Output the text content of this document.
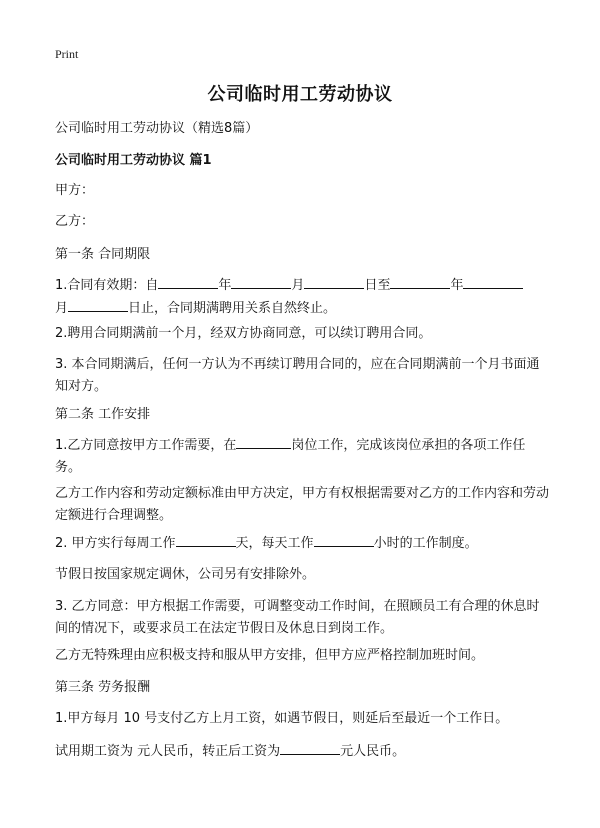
Print
公司临时用工劳动协议
公司临时用工劳动协议（精选8篇）
公司临时用工劳动协议 篇1
甲方：
乙方：
第一条 合同期限
1.合同有效期：自	年	月	日至	年
月	日止，合同期满聘用关系自然终止。
2.聘用合同期满前一个月，经双方协商同意，可以续订聘用合同。
3. 本合同期满后，任何一方认为不再续订聘用合同的，应在合同期满前一个月书面通知对方。
第二条 工作安排
1.乙方同意按甲方工作需要，在	岗位工作，完成该岗位承担的各项工作任务。
乙方工作内容和劳动定额标准由甲方决定，甲方有权根据需要对乙方的工作内容和劳动定额进行合理调整。
2. 甲方实行每周工作	天，每天工作	小时的工作制度。
节假日按国家规定调休，公司另有安排除外。
3. 乙方同意：甲方根据工作需要，可调整变动工作时间，在照顾员工有合理的休息时间的情况下，或要求员工在法定节假日及休息日到岗工作。
乙方无特殊理由应积极支持和服从甲方安排，但甲方应严格控制加班时间。
第三条 劳务报酬
1.甲方每月 10 号支付乙方上月工资，如遇节假日，则延后至最近一个工作日。
试用期工资为 元人民币，转正后工资为	元人民币。
